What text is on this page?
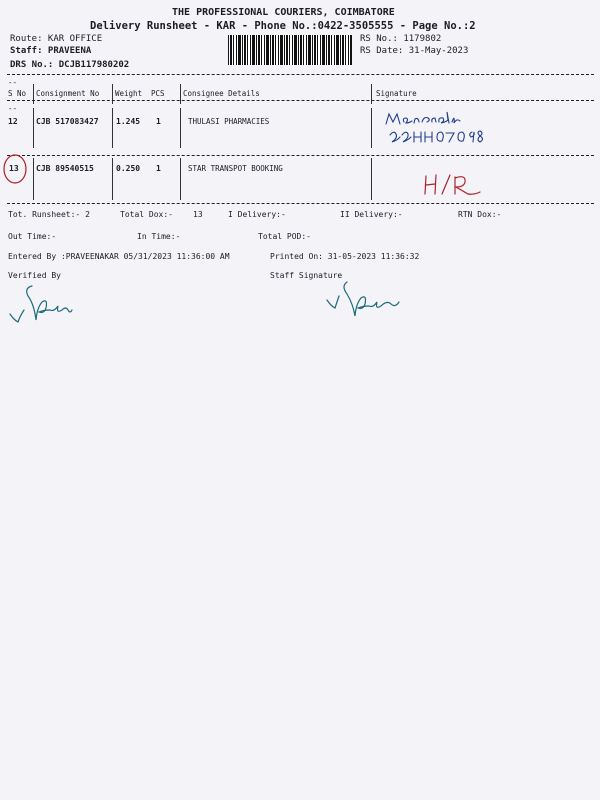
THE PROFESSIONAL COURIERS, COIMBATORE
Delivery Runsheet - KAR - Phone No.:0422-3505555 - Page No.:2
Route: KAR OFFICE
Staff: PRAVEENA
DRS No.: DCJB117980202
RS No.: 1179802
RS Date: 31-May-2023
--
S No Consignment No Weight PCS Consignee Details	Signature
--
12 CJB 517083427 1.245 1	THULASI PHARMACIES
13 CJB 89540515	0.250 1	STAR TRANSPOT BOOKING
Tot. Runsheet:- 2	Total Dox:-	13	I Delivery:-	II Delivery:-	RTN Dox:-
Out Time:-	In Time:-	Total POD:-
Entered By :PRAVEENAKAR 05/31/2023 11:36:00 AM	Printed On: 31-05-2023 11:36:32
Verified By	Staff Signature
